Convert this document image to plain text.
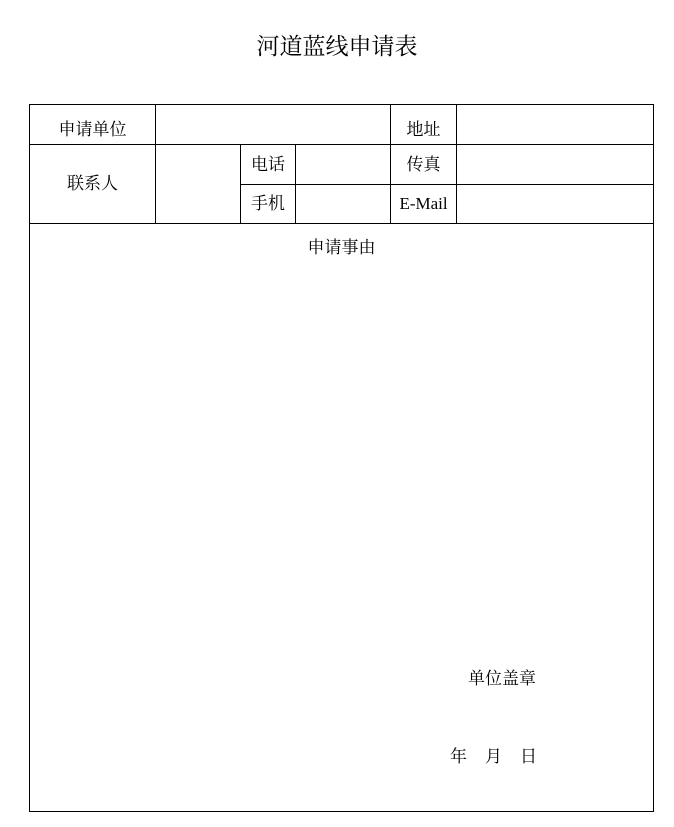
河道蓝线申请表
申请单位				地址	
联系人		电话		传真	
		手机		E-Mail	

申请事由
单位盖章
年 月 日					
